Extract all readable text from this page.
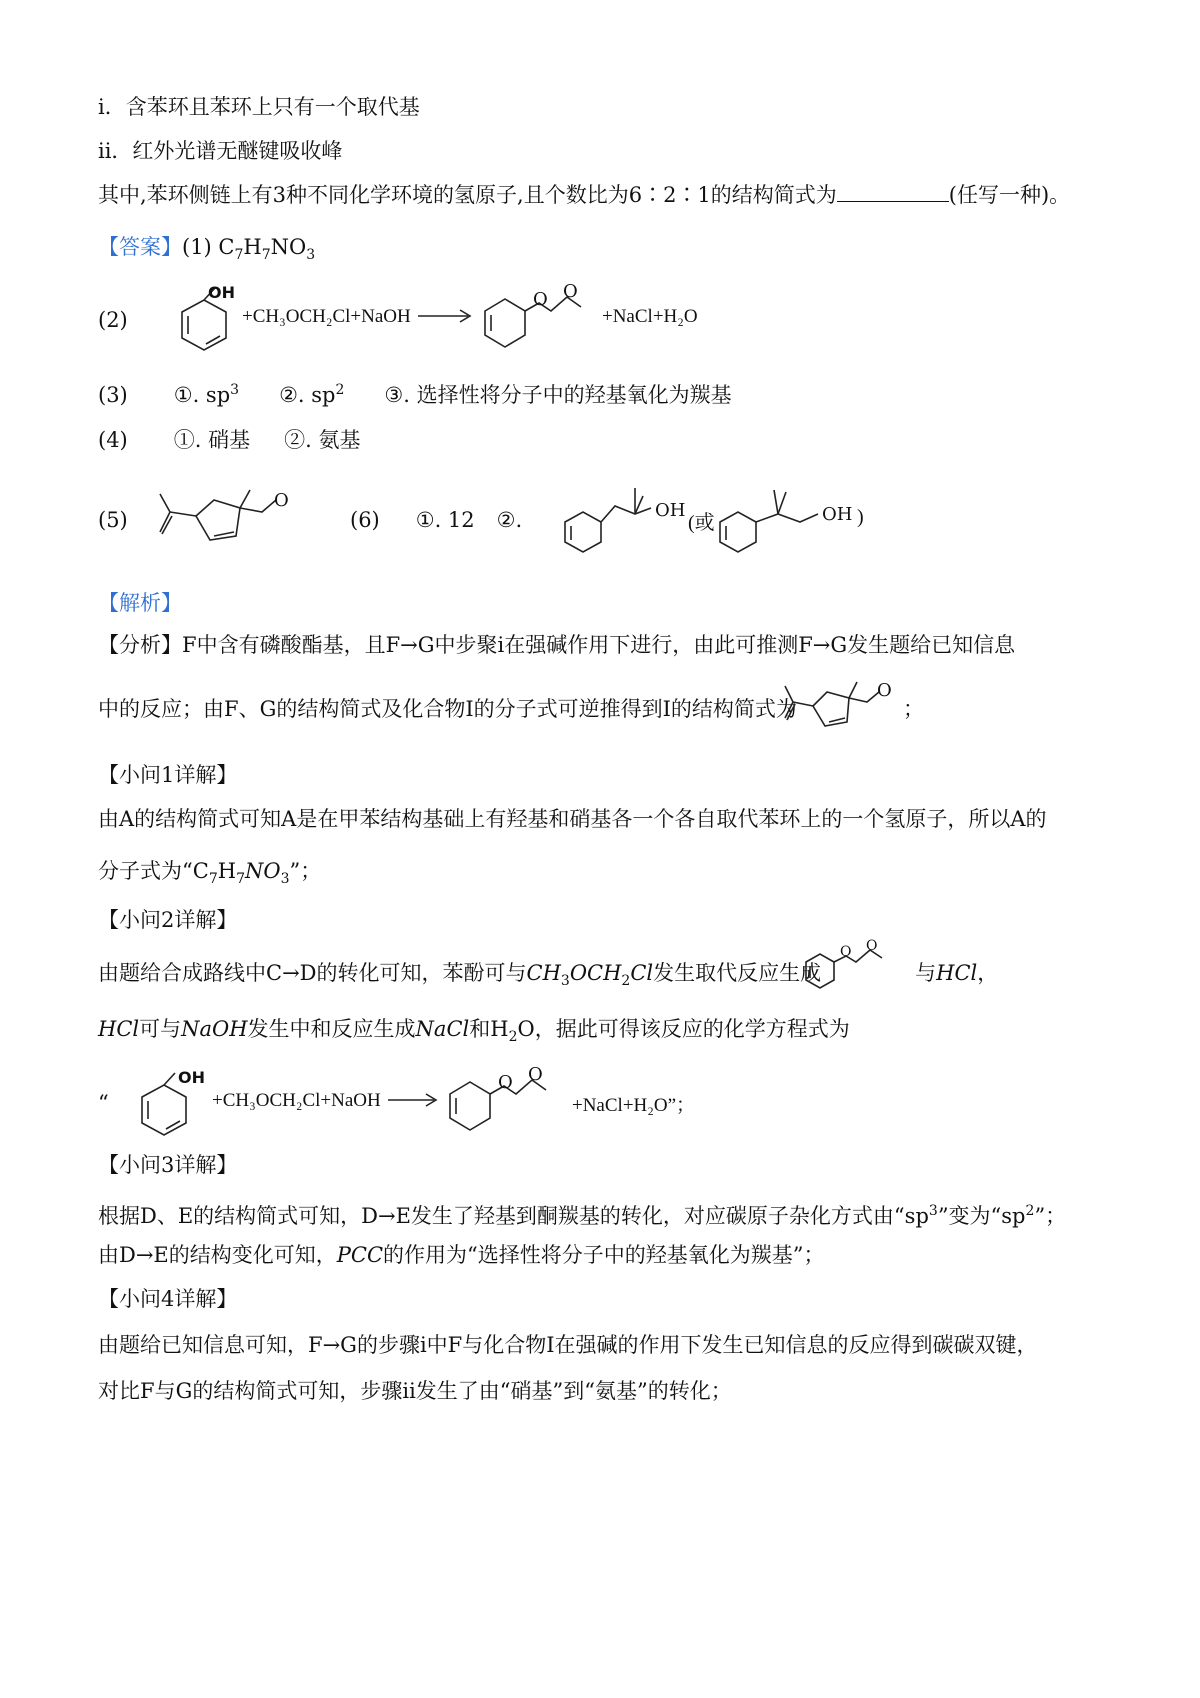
i．含苯环且苯环上只有一个取代基
ii．红外光谱无醚键吸收峰
其中,苯环侧链上有3种不同化学环境的氢原子,且个数比为6∶2∶1的结构简式为	(任写一种)。
【答案】(1) $C_7H_7NO_3$
(2)
OH
+CH₃OCH₂Cl+NaOH →
O O
+NaCl+H₂O
(3) ①. $sp^3$ ②. $sp^2$ ③. 选择性将分子中的羟基氧化为羰基
(4) ①. 硝基 ②. 氨基
(5)
O
(6) ①. 12 ②.	OH
(或	OH )
【解析】
【分析】F中含有磷酸酯基，且F→G中步聚ⅰ在强碱作用下进行，由此可推测F→G发生题给已知信息
中的反应；由F、G的结构简式及化合物Ⅰ的分子式可逆推得到Ⅰ的结构简式为
O
；
【小问1详解】
由A的结构简式可知A是在甲苯结构基础上有羟基和硝基各一个各自取代苯环上的一个氢原子，所以A的
分子式为“$C_7H_7NO_3$”；
【小问2详解】
由题给合成路线中C→D的转化可知，苯酚可与$CH_3OCH_2Cl$发生取代反应生成	与HCl，
O O
HCl可与NaOH发生中和反应生成NaCl和$H_2O$，据此可得该反应的化学方程式为
“
OH
+CH₃OCH₂Cl+NaOH →
O O
+NaCl+H₂O”；
【小问3详解】
根据D、E的结构简式可知，D→E发生了羟基到酮羰基的转化，对应碳原子杂化方式由“$sp^3$”变为“$sp^2$”；
由D→E的结构变化可知，PCC的作用为“选择性将分子中的羟基氧化为羰基”；
【小问4详解】
由题给已知信息可知，F→G的步骤ⅰ中F与化合物Ⅰ在强碱的作用下发生已知信息的反应得到碳碳双键，
对比F与G的结构简式可知，步骤ⅱ发生了由“硝基”到“氨基”的转化；
